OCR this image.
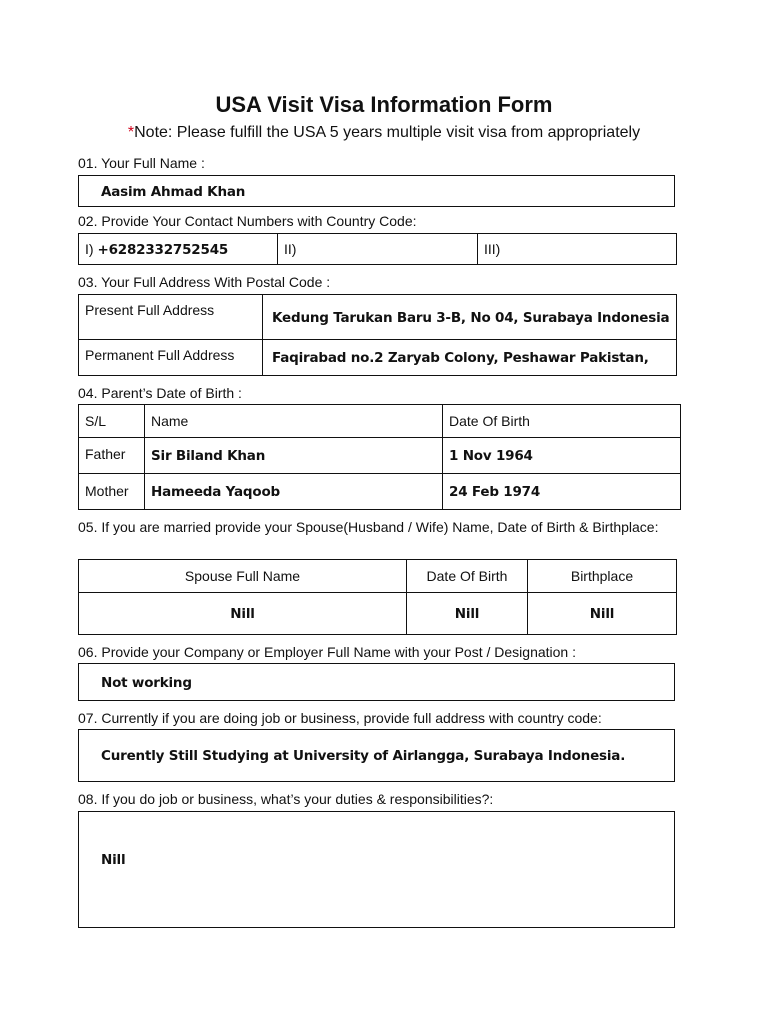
USA Visit Visa Information Form
*Note: Please fulfill the USA 5 years multiple visit visa from appropriately
01. Your Full Name :
Aasim Ahmad Khan
02. Provide Your Contact Numbers with Country Code:
I) +6282332752545	II)	III)
03. Your Full Address With Postal Code :
Present Full Address	Kedung Tarukan Baru 3-B, No 04, Surabaya Indonesia
Permanent Full Address	Faqirabad no.2 Zaryab Colony, Peshawar Pakistan,
04. Parent’s Date of Birth :
S/L	Name	Date Of Birth
Father	Sir Biland Khan	1 Nov 1964
Mother	Hameeda Yaqoob	24 Feb 1974
05. If you are married provide your Spouse(Husband / Wife) Name, Date of Birth & Birthplace:
Spouse Full Name	Date Of Birth	Birthplace
Nill	Nill	Nill
06. Provide your Company or Employer Full Name with your Post / Designation :
Not working
07. Currently if you are doing job or business, provide full address with country code:
Curently Still Studying at University of Airlangga, Surabaya Indonesia.
08. If you do job or business, what’s your duties & responsibilities?:
Nill
